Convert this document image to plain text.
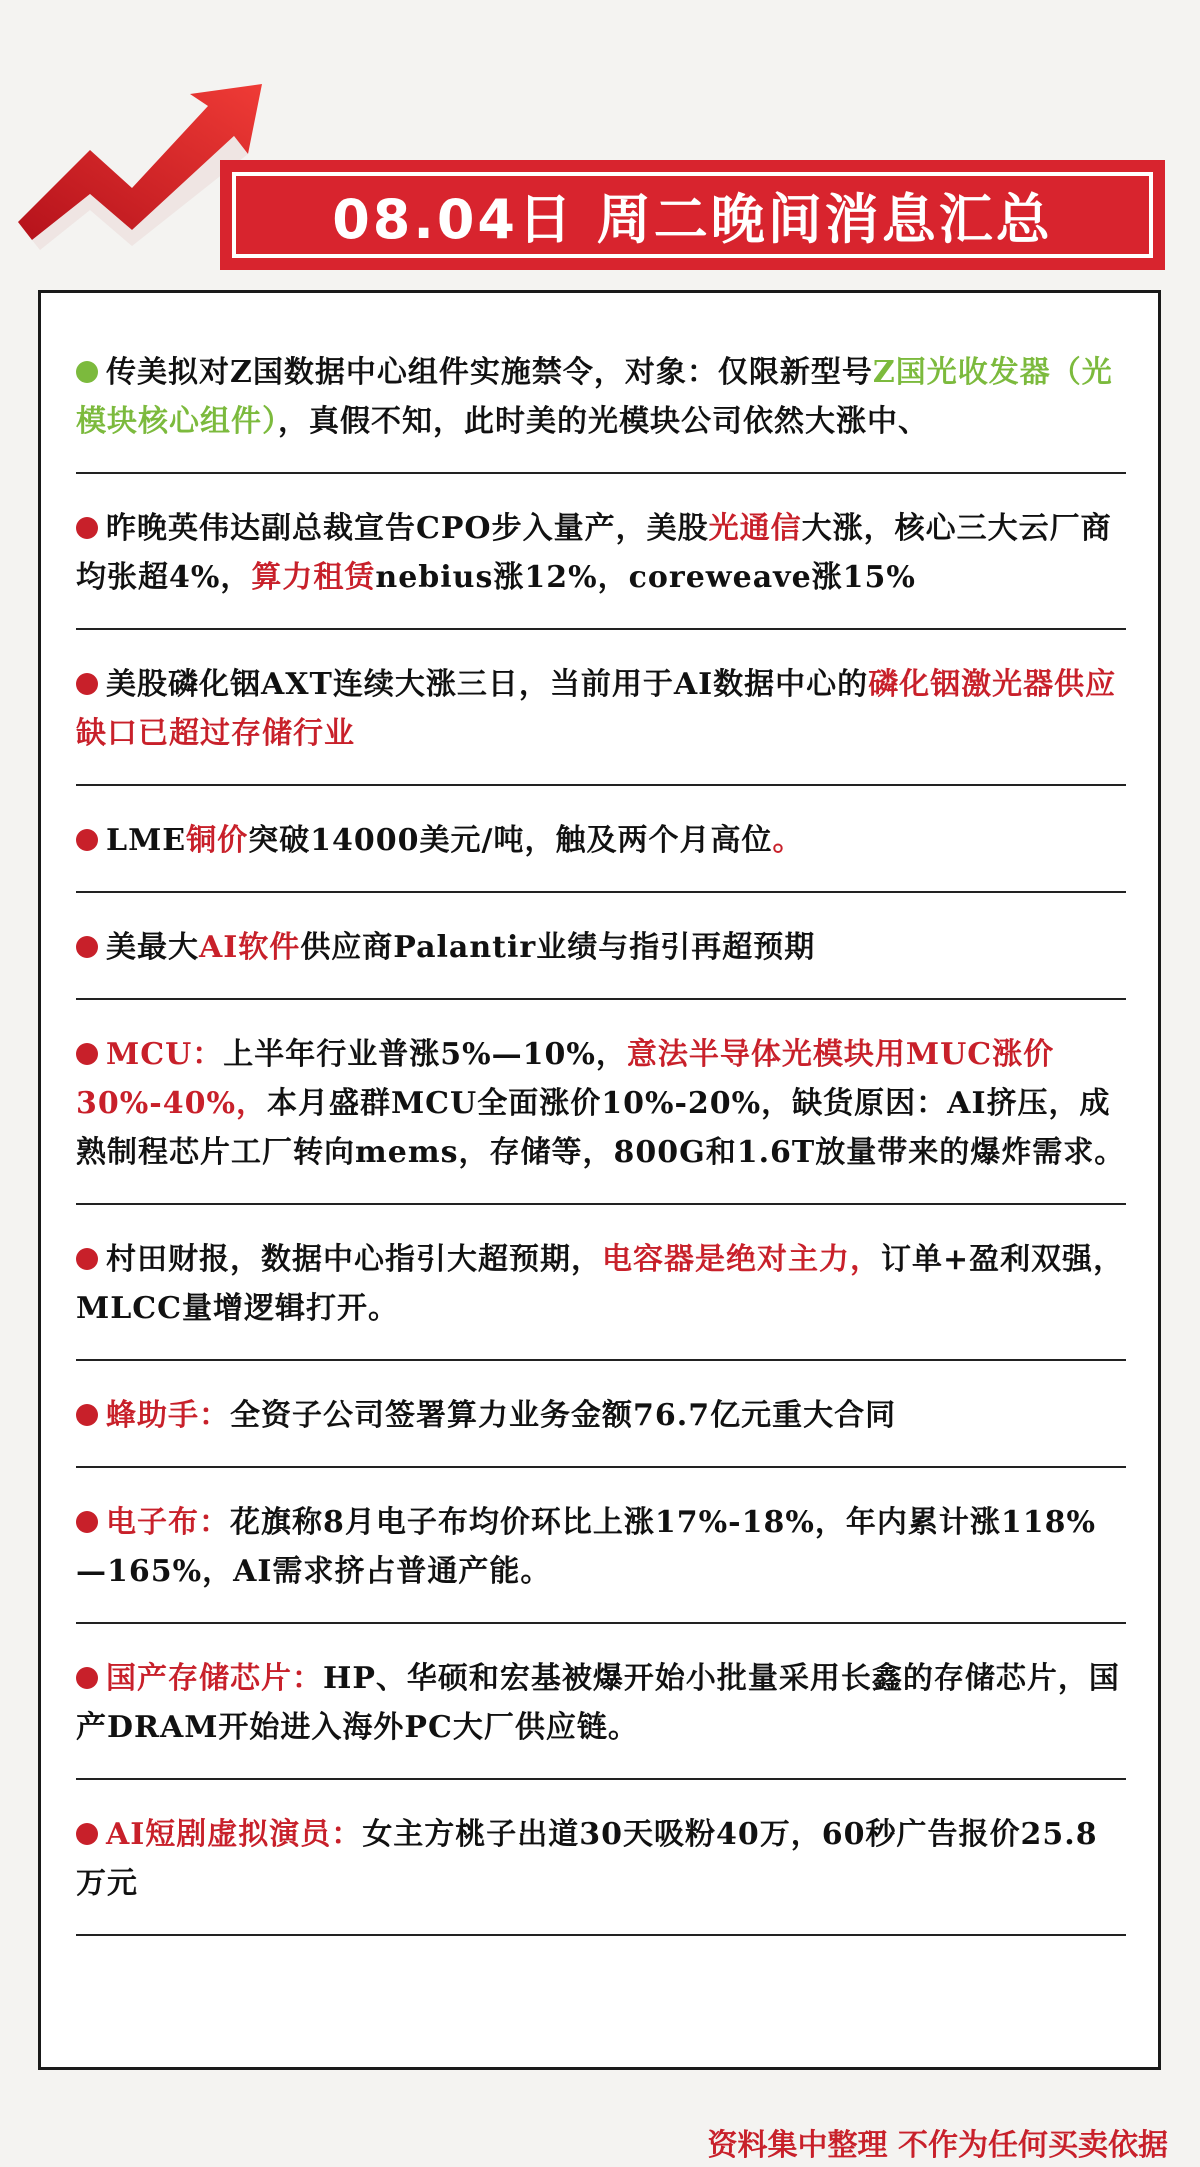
08.04日 周二晚间消息汇总
传美拟对Z国数据中心组件实施禁令，对象：仅限新型号Z国光收发器（光模块核心组件），真假不知，此时美的光模块公司依然大涨中、
昨晚英伟达副总裁宣告CPO步入量产，美股光通信大涨，核心三大云厂商均张超4%，算力租赁nebius涨12%，coreweave涨15%
美股磷化铟AXT连续大涨三日，当前用于AI数据中心的磷化铟激光器供应缺口已超过存储行业
LME铜价突破14000美元/吨，触及两个月高位。
美最大AI软件供应商Palantir业绩与指引再超预期
MCU：上半年行业普涨5%—10%，意法半导体光模块用MUC涨价30%-40%，本月盛群MCU全面涨价10%-20%，缺货原因：AI挤压，成熟制程芯片工厂转向mems，存储等，800G和1.6T放量带来的爆炸需求。
村田财报，数据中心指引大超预期，电容器是绝对主力，订单+盈利双强，MLCC量增逻辑打开。
蜂助手：全资子公司签署算力业务金额76.7亿元重大合同
电子布：花旗称8月电子布均价环比上涨17%-18%，年内累计涨118%—165%，AI需求挤占普通产能。
国产存储芯片：HP、华硕和宏基被爆开始小批量采用长鑫的存储芯片，国产DRAM开始进入海外PC大厂供应链。
AI短剧虚拟演员：女主方桃子出道30天吸粉40万，60秒广告报价25.8万元
资料集中整理 不作为任何买卖依据
